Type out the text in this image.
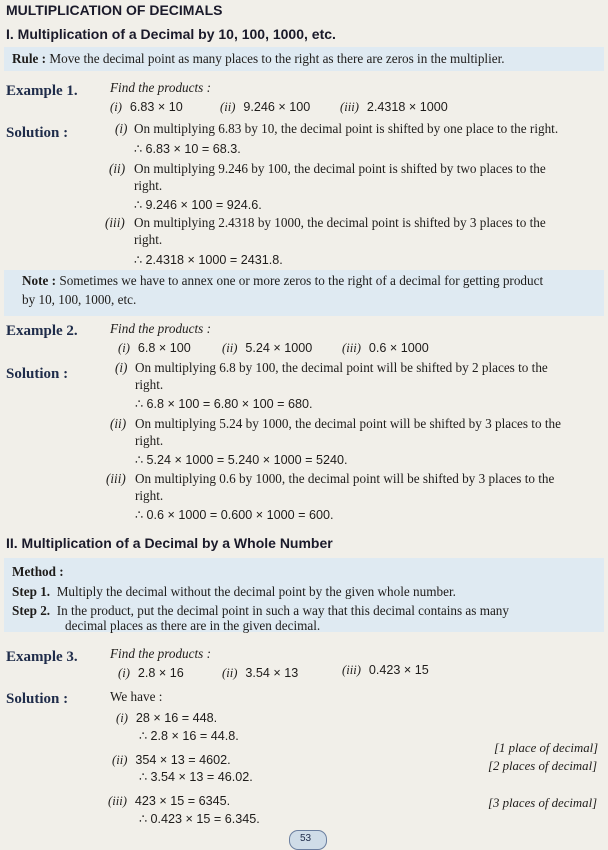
MULTIPLICATION OF DECIMALS
I. Multiplication of a Decimal by 10, 100, 1000, etc.
Rule : Move the decimal point as many places to the right as there are zeros in the multiplier.
Example 1. Find the products :
(i) 6.83 × 10	(ii) 9.246 × 100 (iii) 2.4318 × 1000
Solution :	(i) On multiplying 6.83 by 10, the decimal point is shifted by one place to the right.
∴ 6.83 × 10 = 68.3.
(ii) On multiplying 9.246 by 100, the decimal point is shifted by two places to the
right.
∴ 9.246 × 100 = 924.6.
(iii) On multiplying 2.4318 by 1000, the decimal point is shifted by 3 places to the
right.
∴ 2.4318 × 1000 = 2431.8.
Note : Sometimes we have to annex one or more zeros to the right of a decimal for getting product
by 10, 100, 1000, etc.
Example 2. Find the products :
(i) 6.8 × 100 (ii) 5.24 × 1000 (iii) 0.6 × 1000
Solution :	(i) On multiplying 6.8 by 100, the decimal point will be shifted by 2 places to the
right.
∴ 6.8 × 100 = 6.80 × 100 = 680.
(ii) On multiplying 5.24 by 1000, the decimal point will be shifted by 3 places to the
right.
∴ 5.24 × 1000 = 5.240 × 1000 = 5240.
(iii) On multiplying 0.6 by 1000, the decimal point will be shifted by 3 places to the
right.
∴ 0.6 × 1000 = 0.600 × 1000 = 600.
II. Multiplication of a Decimal by a Whole Number
Method :
Step 1. Multiply the decimal without the decimal point by the given whole number.
Step 2. In the product, put the decimal point in such a way that this decimal contains as many
decimal places as there are in the given decimal.
Example 3. Find the products :
(i) 2.8 × 16	(ii) 3.54 × 13	(iii) 0.423 × 15
Solution :	We have :
(i) 28 × 16 = 448.
∴ 2.8 × 16 = 44.8.
[1 place of decimal]
(ii) 354 × 13 = 4602.
∴ 3.54 × 13 = 46.02.
[2 places of decimal]
(iii) 423 × 15 = 6345.
∴ 0.423 × 15 = 6.345.
[3 places of decimal]
53
